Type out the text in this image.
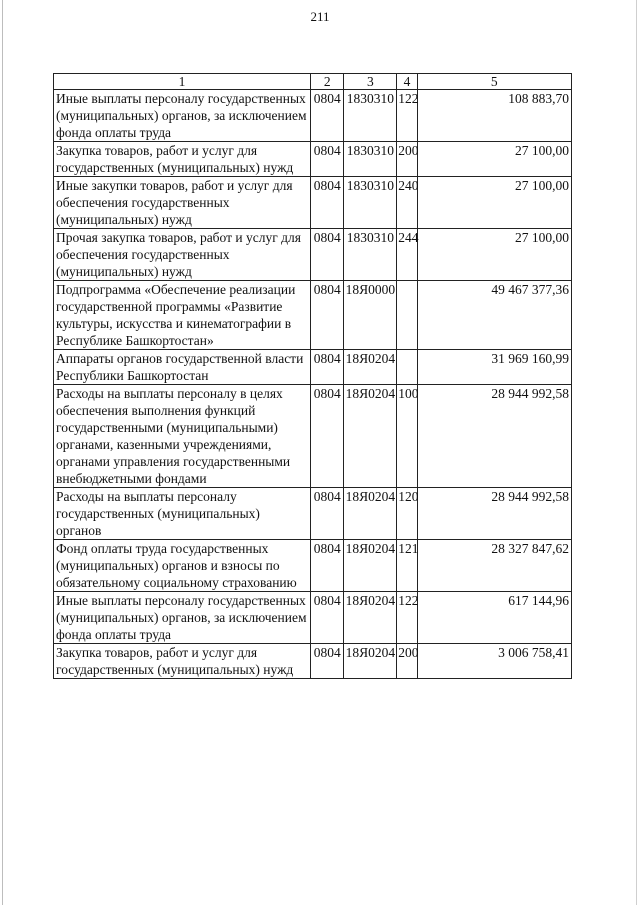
211
1	2	3	4	5
Иные выплаты персоналу государственных (муниципальных) органов, за исключением фонда оплаты труда	0804	1830310	122	108 883,70
Закупка товаров, работ и услуг для государственных (муниципальных) нужд	0804	1830310	200	27 100,00
Иные закупки товаров, работ и услуг для обеспечения государственных (муниципальных) нужд	0804	1830310	240	27 100,00
Прочая закупка товаров, работ и услуг для обеспечения государственных (муниципальных) нужд	0804	1830310	244	27 100,00
Подпрограмма «Обеспечение реализации государственной программы «Развитие культуры, искусства и кинематографии в Республике Башкортостан»	0804	18Я0000		49 467 377,36
Аппараты органов государственной власти Республики Башкортостан	0804	18Я0204		31 969 160,99
Расходы на выплаты персоналу в целях обеспечения выполнения функций государственными (муниципальными) органами, казенными учреждениями, органами управления государственными внебюджетными фондами	0804	18Я0204	100	28 944 992,58
Расходы на выплаты персоналу государственных (муниципальных) органов	0804	18Я0204	120	28 944 992,58
Фонд оплаты труда государственных (муниципальных) органов и взносы по обязательному социальному страхованию	0804	18Я0204	121	28 327 847,62
Иные выплаты персоналу государственных (муниципальных) органов, за исключением фонда оплаты труда	0804	18Я0204	122	617 144,96
Закупка товаров, работ и услуг для государственных (муниципальных) нужд	0804	18Я0204	200	3 006 758,41
